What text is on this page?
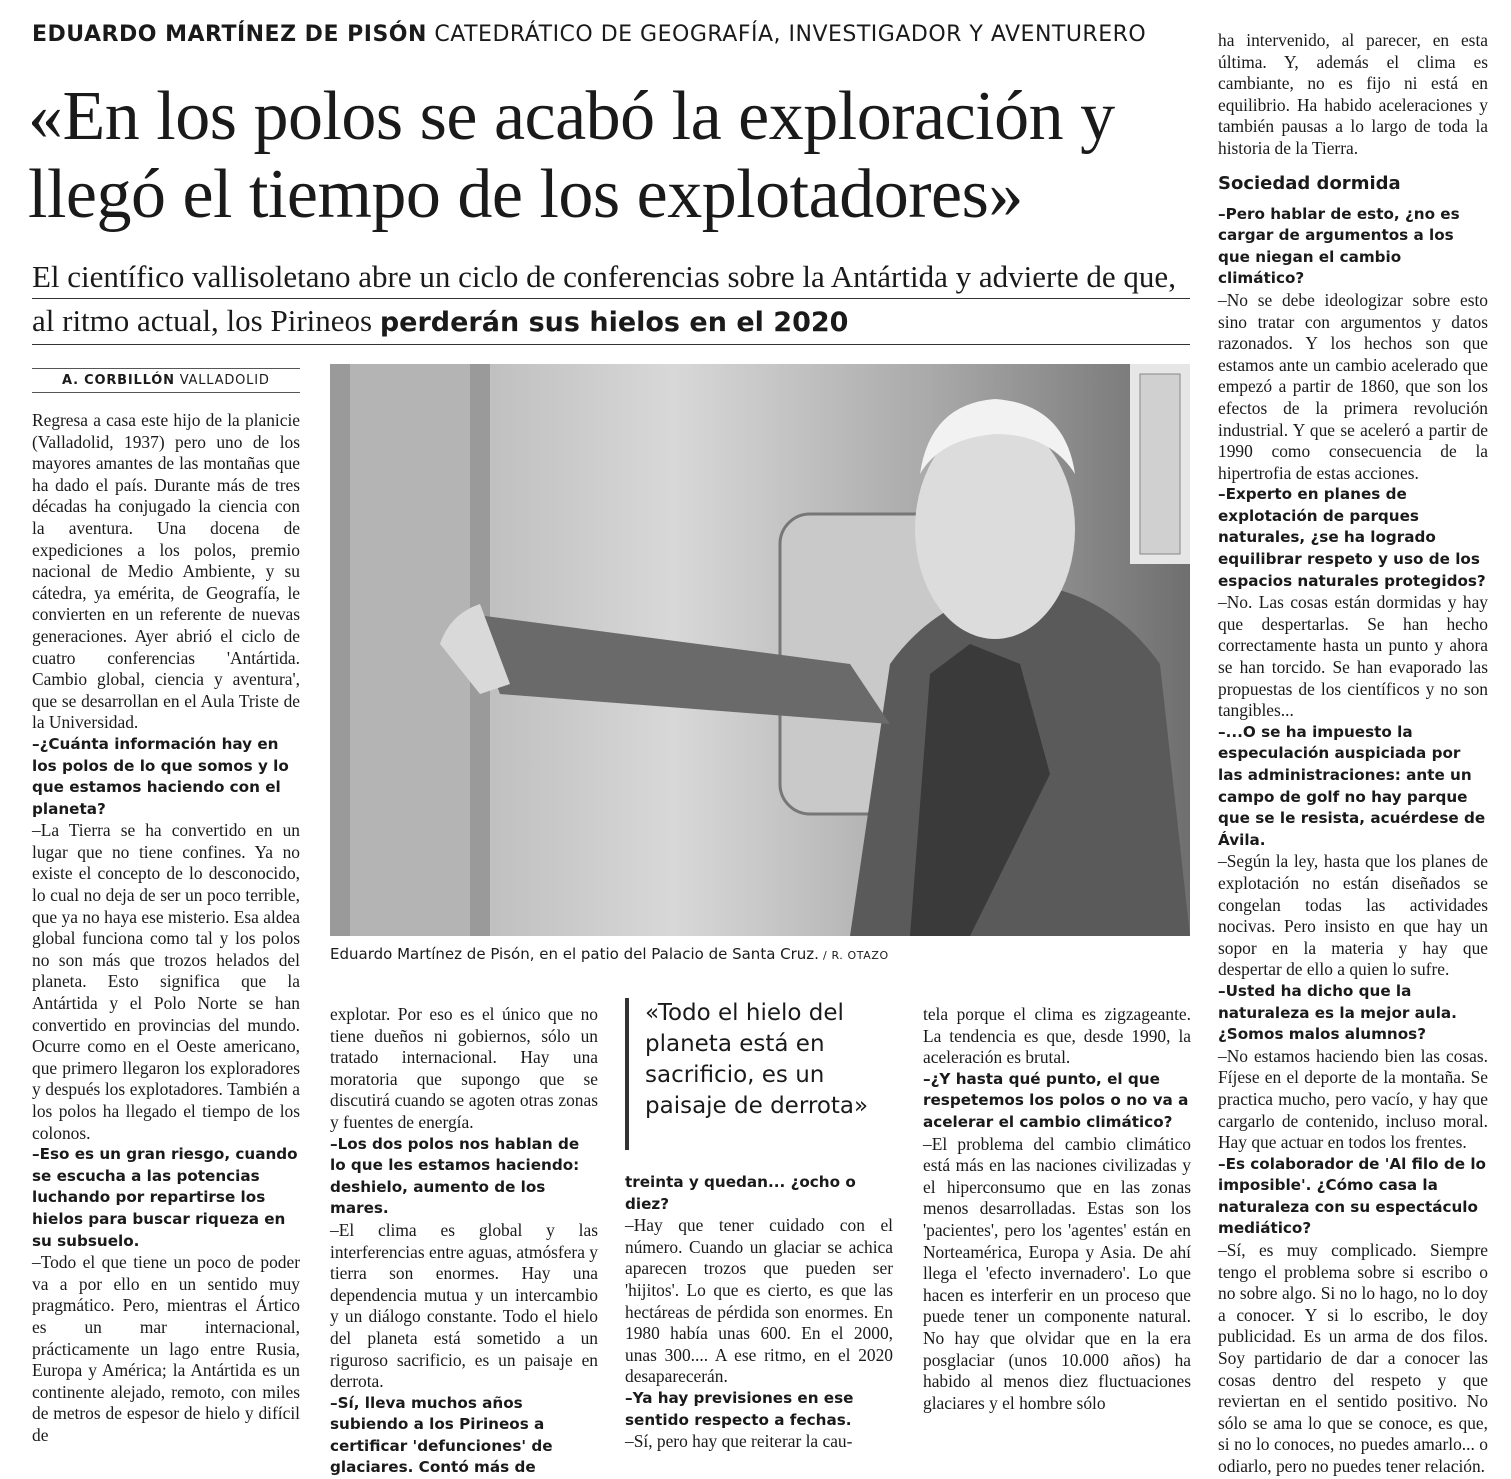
EDUARDO MARTÍNEZ DE PISÓN CATEDRÁTICO DE GEOGRAFÍA, INVESTIGADOR Y AVENTURERO
«En los polos se acabó la exploración y llegó el tiempo de los explotadores»
El científico vallisoletano abre un ciclo de conferencias sobre la Antártida y advierte de que, al ritmo actual, los Pirineos perderán sus hielos en el 2020
A. CORBILLÓN VALLADOLID

Regresa a casa este hijo de la planicie (Valladolid, 1937) pero uno de los mayores amantes de las montañas que ha dado el país. Durante más de tres décadas ha conjugado la ciencia con la aventura. Una docena de expediciones a los polos, premio nacional de Medio Ambiente, y su cátedra, ya emérita, de Geografía, le convierten en un referente de nuevas generaciones. Ayer abrió el ciclo de cuatro conferencias 'Antártida. Cambio global, ciencia y aventura', que se desarrollan en el Aula Triste de la Universidad.

–¿Cuánta información hay en los polos de lo que somos y lo que estamos haciendo con el planeta?

–La Tierra se ha convertido en un lugar que no tiene confines. Ya no existe el concepto de lo desconocido, lo cual no deja de ser un poco terrible, que ya no haya ese misterio. Esa aldea global funciona como tal y los polos no son más que trozos helados del planeta. Esto significa que la Antártida y el Polo Norte se han convertido en provincias del mundo. Ocurre como en el Oeste americano, que primero llegaron los exploradores y después los explotadores. También a los polos ha llegado el tiempo de los colonos.

–Eso es un gran riesgo, cuando se escucha a las potencias luchando por repartirse los hielos para buscar riqueza en su subsuelo.

–Todo el que tiene un poco de poder va a por ello en un sentido muy pragmático. Pero, mientras el Ártico es un mar internacional, prácticamente un lago entre Rusia, Europa y América; la Antártida es un continente alejado, remoto, con miles de metros de espesor de hielo y difícil de

Eduardo Martínez de Pisón, en el patio del Palacio de Santa Cruz. / R. OTAZO

explotar. Por eso es el único que no tiene dueños ni gobiernos, sólo un tratado internacional. Hay una moratoria que supongo que se discutirá cuando se agoten otras zonas y fuentes de energía.

–Los dos polos nos hablan de lo que les estamos haciendo: deshielo, aumento de los mares.

–El clima es global y las interferencias entre aguas, atmósfera y tierra son enormes. Hay una dependencia mutua y un intercambio y un diálogo constante. Todo el hielo del planeta está sometido a un riguroso sacrificio, es un paisaje en derrota.

–Sí, lleva muchos años subiendo a los Pirineos a certificar 'defunciones' de glaciares. Contó más de

«Todo el hielo del planeta está en sacrificio, es un paisaje de derrota»

treinta y quedan... ¿ocho o diez?

–Hay que tener cuidado con el número. Cuando un glaciar se achica aparecen trozos que pueden ser 'hijitos'. Lo que es cierto, es que las hectáreas de pérdida son enormes. En 1980 había unas 600. En el 2000, unas 300.... A ese ritmo, en el 2020 desaparecerán.

–Ya hay previsiones en ese sentido respecto a fechas.

–Sí, pero hay que reiterar la cau-

tela porque el clima es zigzageante. La tendencia es que, desde 1990, la aceleración es brutal.

–¿Y hasta qué punto, el que respetemos los polos o no va a acelerar el cambio climático?

–El problema del cambio climático está más en las naciones civilizadas y el hiperconsumo que en las zonas menos desarrolladas. Estas son los 'pacientes', pero los 'agentes' están en Norteamérica, Europa y Asia. De ahí llega el 'efecto invernadero'. Lo que hacen es interferir en un proceso que puede tener un componente natural. No hay que olvidar que en la era posglaciar (unos 10.000 años) ha habido al menos diez fluctuaciones glaciares y el hombre sólo

ha intervenido, al parecer, en esta última. Y, además el clima es cambiante, no es fijo ni está en equilibrio. Ha habido aceleraciones y también pausas a lo largo de toda la historia de la Tierra.

–Pero hablar de esto, ¿no es cargar de argumentos a los que niegan el cambio climático?

–No se debe ideologizar sobre esto sino tratar con argumentos y datos razonados. Y los hechos son que estamos ante un cambio acelerado que empezó a partir de 1860, que son los efectos de la primera revolución industrial. Y que se aceleró a partir de 1990 como consecuencia de la hipertrofia de estas acciones.

–Experto en planes de explotación de parques naturales, ¿se ha logrado equilibrar respeto y uso de los espacios naturales protegidos?

–No. Las cosas están dormidas y hay que despertarlas. Se han hecho correctamente hasta un punto y ahora se han torcido. Se han evaporado las propuestas de los científicos y no son tangibles...

–...O se ha impuesto la especulación auspiciada por las administraciones: ante un campo de golf no hay parque que se le resista, acuérdese de Ávila.

–Según la ley, hasta que los planes de explotación no están diseñados se congelan todas las actividades nocivas. Pero insisto en que hay un sopor en la materia y hay que despertar de ello a quien lo sufre.

–Usted ha dicho que la naturaleza es la mejor aula. ¿Somos malos alumnos?

–No estamos haciendo bien las cosas. Fíjese en el deporte de la montaña. Se practica mucho, pero vacío, y hay que cargarlo de contenido, incluso moral. Hay que actuar en todos los frentes.

–Es colaborador de 'Al filo de lo imposible'. ¿Cómo casa la naturaleza con su espectáculo mediático?

–Sí, es muy complicado. Siempre tengo el problema sobre si escribo o no sobre algo. Si no lo hago, no lo doy a conocer. Y si lo escribo, le doy publicidad. Es un arma de dos filos. Soy partidario de dar a conocer las cosas dentro del respeto y que reviertan en el sentido positivo. No sólo se ama lo que se conoce, es que, si no lo conoces, no puedes amarlo... o odiarlo, pero no puedes tener relación.

Sociedad dormida
